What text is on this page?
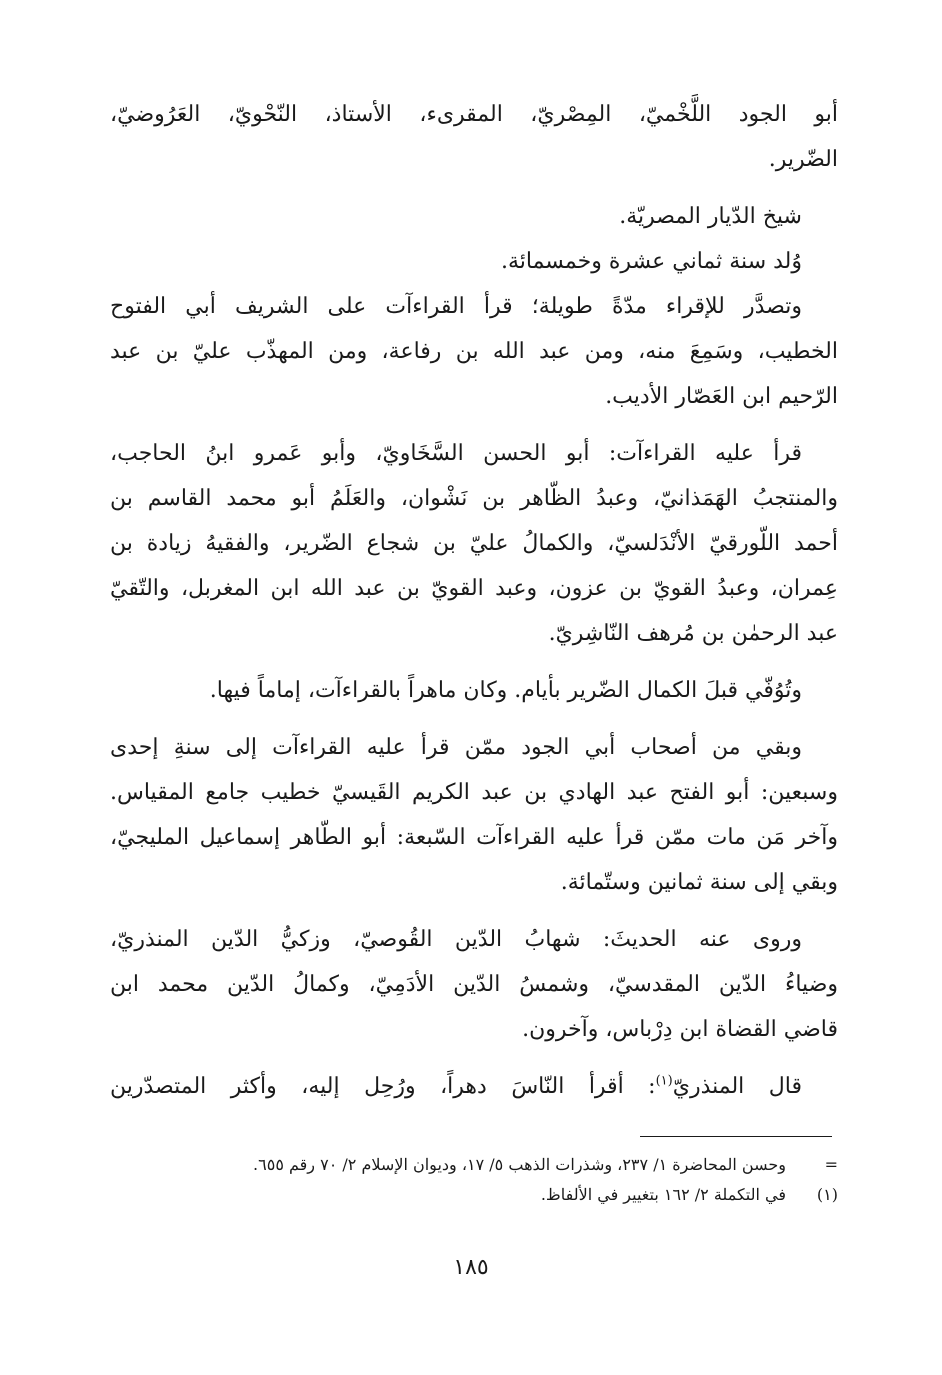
أبو الجود اللَّخْميّ، المِصْريّ، المقرىء، الأستاذ، النّحْويّ، العَرُوضيّ،
الضّرير.

شيخ الدّيار المصريّة.
وُلد سنة ثماني عشرة وخمسمائة.
وتصدَّر للإقراء مدّةً طويلة؛ قرأ القراءآت على الشريف أبي الفتوح
الخطيب، وسَمِعَ منه، ومن عبد الله بن رفاعة، ومن المهذّب عليّ بن عبد
الرّحيم ابن العَصّار الأديب.

قرأ عليه القراءآت: أبو الحسن السَّخَاويّ، وأبو عَمرو ابنُ الحاجب،
والمنتجبُ الهَمَذانيّ، وعبدُ الظّاهر بن نَشْوان، والعَلَمُ أبو محمد القاسم بن
أحمد اللّورقيّ الأنْدَلسيّ، والكمالُ عليّ بن شجاع الضّرير، والفقيهُ زيادة بن
عِمران، وعبدُ القويّ بن عزون، وعبد القويّ بن عبد الله ابن المغربل، والتّقيّ
عبد الرحمٰن بن مُرهف النّاشِريّ.

وتُوُفّي قبلَ الكمال الضّرير بأيام. وكان ماهراً بالقراءآت، إماماً فيها.

وبقي من أصحاب أبي الجود ممّن قرأ عليه القراءآت إلى سنةِ إحدى
وسبعين: أبو الفتح عبد الهادي بن عبد الكريم القَيسيّ خطيب جامع المقياس.
وآخر مَن مات ممّن قرأ عليه القراءآت السّبعة: أبو الطّاهر إسماعيل المليجيّ،
وبقي إلى سنة ثمانين وستّمائة.

وروى عنه الحديثَ: شهابُ الدّين القُوصيّ، وزكيُّ الدّين المنذريّ،
وضياءُ الدّين المقدسيّ، وشمسُ الدّين الأدَمِيّ، وكمالُ الدّين محمد ابن
قاضي القضاة ابن دِرْباس، وآخرون.

قال المنذريّ$^{(١)}$: أقرأ النّاسَ دهراً، ورُحِل إليه، وأكثر المتصدّرين

=
وحسن المحاضرة ١/ ٢٣٧، وشذرات الذهب ٥/ ١٧، وديوان الإسلام ٢/ ٧٠ رقم ٦٥٥.
(١)
في التكملة ٢/ ١٦٢ بتغيير في الألفاظ.
١٨٥
